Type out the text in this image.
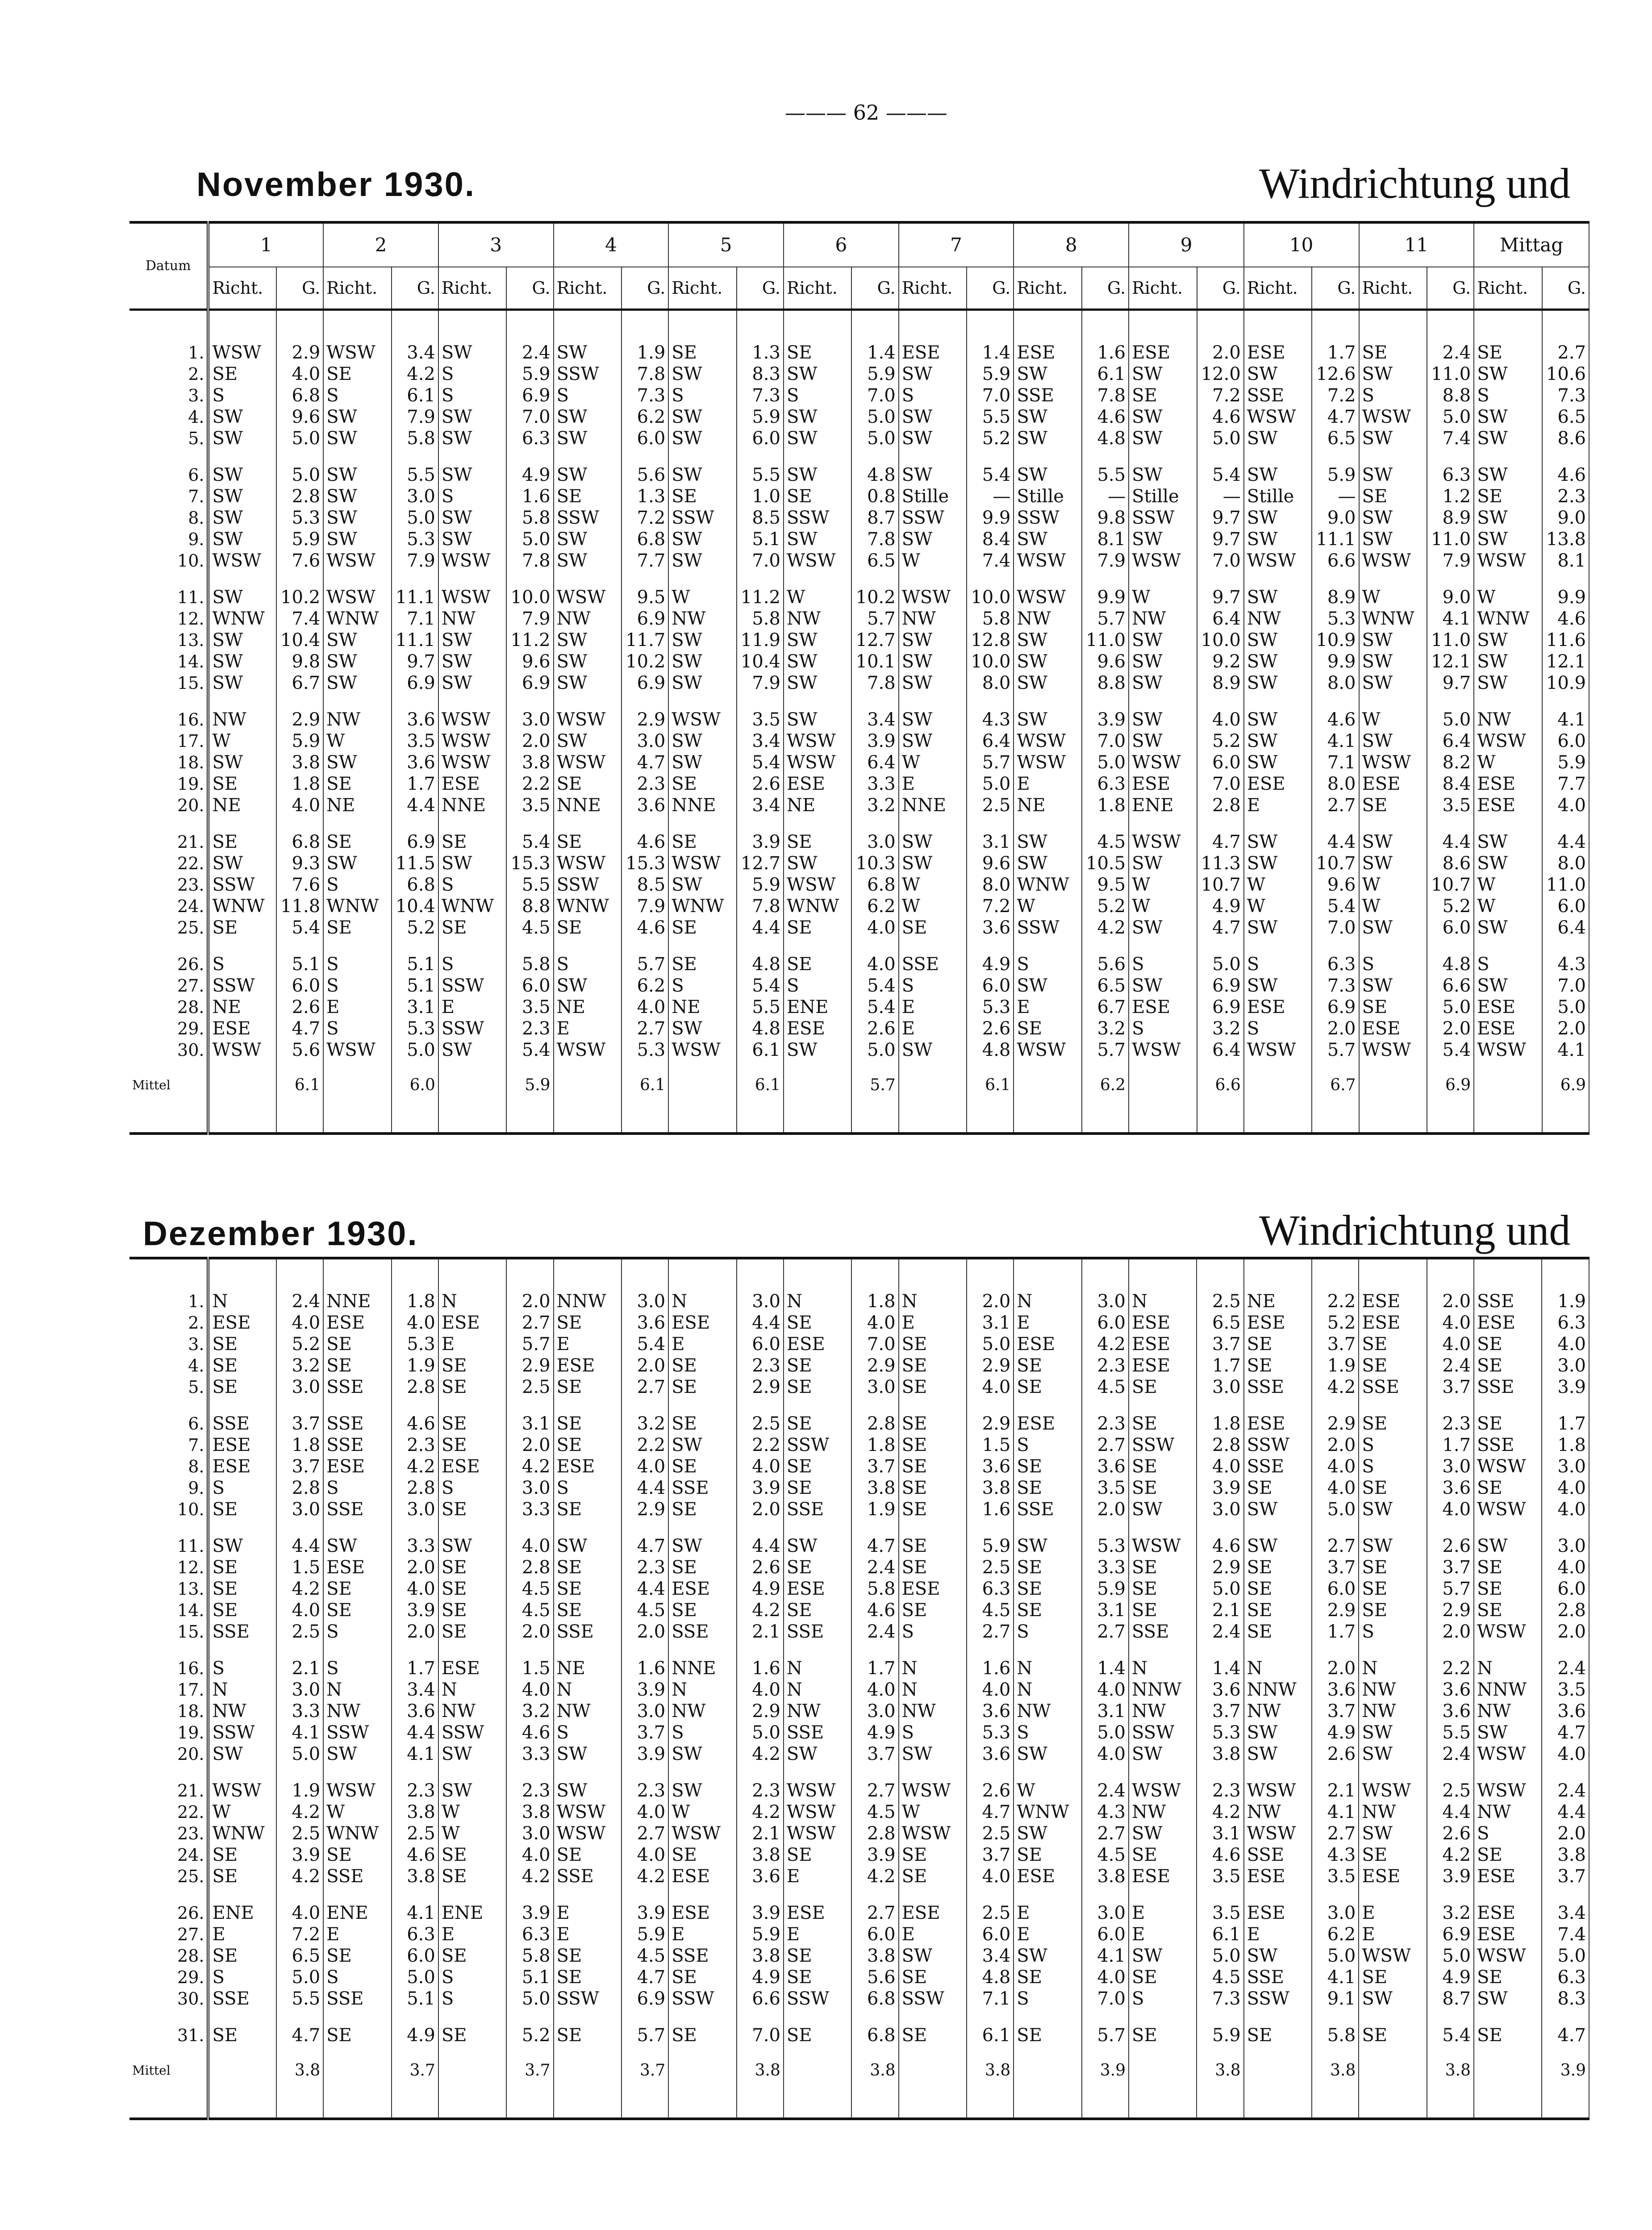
——— 62 ———
November 1930.	Windrichtung und
Datum	1		2		3		4		5		6		7		8		9		10		11		Mittag	
	Richt.	G.	Richt.	G.	Richt.	G.	Richt.	G.	Richt.	G.	Richt.	G.	Richt.	G.	Richt.	G.	Richt.	G.	Richt.	G.	Richt.	G.	Richt.	G.

1.	WSW	2.9	WSW	3.4	SW	2.4	SW	1.9	SE	1.3	SE	1.4	ESE	1.4	ESE	1.6	ESE	2.0	ESE	1.7	SE	2.4	SE	2.7
2.	SE	4.0	SE	4.2	S	5.9	SSW	7.8	SW	8.3	SW	5.9	SW	5.9	SW	6.1	SW	12.0	SW	12.6	SW	11.0	SW	10.6
3.	S	6.8	S	6.1	S	6.9	S	7.3	S	7.3	S	7.0	S	7.0	SSE	7.8	SE	7.2	SSE	7.2	S	8.8	S	7.3
4.	SW	9.6	SW	7.9	SW	7.0	SW	6.2	SW	5.9	SW	5.0	SW	5.5	SW	4.6	SW	4.6	WSW	4.7	WSW	5.0	SW	6.5
5.	SW	5.0	SW	5.8	SW	6.3	SW	6.0	SW	6.0	SW	5.0	SW	5.2	SW	4.8	SW	5.0	SW	6.5	SW	7.4	SW	8.6

6.	SW	5.0	SW	5.5	SW	4.9	SW	5.6	SW	5.5	SW	4.8	SW	5.4	SW	5.5	SW	5.4	SW	5.9	SW	6.3	SW	4.6
7.	SW	2.8	SW	3.0	S	1.6	SE	1.3	SE	1.0	SE	0.8	Stille	—	Stille	—	Stille	—	Stille	—	SE	1.2	SE	2.3
8.	SW	5.3	SW	5.0	SW	5.8	SSW	7.2	SSW	8.5	SSW	8.7	SSW	9.9	SSW	9.8	SSW	9.7	SW	9.0	SW	8.9	SW	9.0
9.	SW	5.9	SW	5.3	SW	5.0	SW	6.8	SW	5.1	SW	7.8	SW	8.4	SW	8.1	SW	9.7	SW	11.1	SW	11.0	SW	13.8
10.	WSW	7.6	WSW	7.9	WSW	7.8	SW	7.7	SW	7.0	WSW	6.5	W	7.4	WSW	7.9	WSW	7.0	WSW	6.6	WSW	7.9	WSW	8.1

11.	SW	10.2	WSW	11.1	WSW	10.0	WSW	9.5	W	11.2	W	10.2	WSW	10.0	WSW	9.9	W	9.7	SW	8.9	W	9.0	W	9.9
12.	WNW	7.4	WNW	7.1	NW	7.9	NW	6.9	NW	5.8	NW	5.7	NW	5.8	NW	5.7	NW	6.4	NW	5.3	WNW	4.1	WNW	4.6
13.	SW	10.4	SW	11.1	SW	11.2	SW	11.7	SW	11.9	SW	12.7	SW	12.8	SW	11.0	SW	10.0	SW	10.9	SW	11.0	SW	11.6
14.	SW	9.8	SW	9.7	SW	9.6	SW	10.2	SW	10.4	SW	10.1	SW	10.0	SW	9.6	SW	9.2	SW	9.9	SW	12.1	SW	12.1
15.	SW	6.7	SW	6.9	SW	6.9	SW	6.9	SW	7.9	SW	7.8	SW	8.0	SW	8.8	SW	8.9	SW	8.0	SW	9.7	SW	10.9

16.	NW	2.9	NW	3.6	WSW	3.0	WSW	2.9	WSW	3.5	SW	3.4	SW	4.3	SW	3.9	SW	4.0	SW	4.6	W	5.0	NW	4.1
17.	W	5.9	W	3.5	WSW	2.0	SW	3.0	SW	3.4	WSW	3.9	SW	6.4	WSW	7.0	SW	5.2	SW	4.1	SW	6.4	WSW	6.0
18.	SW	3.8	SW	3.6	WSW	3.8	WSW	4.7	SW	5.4	WSW	6.4	W	5.7	WSW	5.0	WSW	6.0	SW	7.1	WSW	8.2	W	5.9
19.	SE	1.8	SE	1.7	ESE	2.2	SE	2.3	SE	2.6	ESE	3.3	E	5.0	E	6.3	ESE	7.0	ESE	8.0	ESE	8.4	ESE	7.7
20.	NE	4.0	NE	4.4	NNE	3.5	NNE	3.6	NNE	3.4	NE	3.2	NNE	2.5	NE	1.8	ENE	2.8	E	2.7	SE	3.5	ESE	4.0

21.	SE	6.8	SE	6.9	SE	5.4	SE	4.6	SE	3.9	SE	3.0	SW	3.1	SW	4.5	WSW	4.7	SW	4.4	SW	4.4	SW	4.4
22.	SW	9.3	SW	11.5	SW	15.3	WSW	15.3	WSW	12.7	SW	10.3	SW	9.6	SW	10.5	SW	11.3	SW	10.7	SW	8.6	SW	8.0
23.	SSW	7.6	S	6.8	S	5.5	SSW	8.5	SW	5.9	WSW	6.8	W	8.0	WNW	9.5	W	10.7	W	9.6	W	10.7	W	11.0
24.	WNW	11.8	WNW	10.4	WNW	8.8	WNW	7.9	WNW	7.8	WNW	6.2	W	7.2	W	5.2	W	4.9	W	5.4	W	5.2	W	6.0
25.	SE	5.4	SE	5.2	SE	4.5	SE	4.6	SE	4.4	SE	4.0	SE	3.6	SSW	4.2	SW	4.7	SW	7.0	SW	6.0	SW	6.4

26.	S	5.1	S	5.1	S	5.8	S	5.7	SE	4.8	SE	4.0	SSE	4.9	S	5.6	S	5.0	S	6.3	S	4.8	S	4.3
27.	SSW	6.0	S	5.1	SSW	6.0	SW	6.2	S	5.4	S	5.4	S	6.0	SW	6.5	SW	6.9	SW	7.3	SW	6.6	SW	7.0
28.	NE	2.6	E	3.1	E	3.5	NE	4.0	NE	5.5	ENE	5.4	E	5.3	E	6.7	ESE	6.9	ESE	6.9	SE	5.0	ESE	5.0
29.	ESE	4.7	S	5.3	SSW	2.3	E	2.7	SW	4.8	ESE	2.6	E	2.6	SE	3.2	S	3.2	S	2.0	ESE	2.0	ESE	2.0
30.	WSW	5.6	WSW	5.0	SW	5.4	WSW	5.3	WSW	6.1	SW	5.0	SW	4.8	WSW	5.7	WSW	6.4	WSW	5.7	WSW	5.4	WSW	4.1
Mittel		6.1		6.0		5.9		6.1		6.1		5.7		6.1		6.2		6.6		6.7		6.9		6.9

Dezember 1930.	Windrichtung und

1.	N	2.4	NNE	1.8	N	2.0	NNW	3.0	N	3.0	N	1.8	N	2.0	N	3.0	N	2.5	NE	2.2	ESE	2.0	SSE	1.9
2.	ESE	4.0	ESE	4.0	ESE	2.7	SE	3.6	ESE	4.4	SE	4.0	E	3.1	E	6.0	ESE	6.5	ESE	5.2	ESE	4.0	ESE	6.3
3.	SE	5.2	SE	5.3	E	5.7	E	5.4	E	6.0	ESE	7.0	SE	5.0	ESE	4.2	ESE	3.7	SE	3.7	SE	4.0	SE	4.0
4.	SE	3.2	SE	1.9	SE	2.9	ESE	2.0	SE	2.3	SE	2.9	SE	2.9	SE	2.3	ESE	1.7	SE	1.9	SE	2.4	SE	3.0
5.	SE	3.0	SSE	2.8	SE	2.5	SE	2.7	SE	2.9	SE	3.0	SE	4.0	SE	4.5	SE	3.0	SSE	4.2	SSE	3.7	SSE	3.9

6.	SSE	3.7	SSE	4.6	SE	3.1	SE	3.2	SE	2.5	SE	2.8	SE	2.9	ESE	2.3	SE	1.8	ESE	2.9	SE	2.3	SE	1.7
7.	ESE	1.8	SSE	2.3	SE	2.0	SE	2.2	SW	2.2	SSW	1.8	SE	1.5	S	2.7	SSW	2.8	SSW	2.0	S	1.7	SSE	1.8
8.	ESE	3.7	ESE	4.2	ESE	4.2	ESE	4.0	SE	4.0	SE	3.7	SE	3.6	SE	3.6	SE	4.0	SSE	4.0	S	3.0	WSW	3.0
9.	S	2.8	S	2.8	S	3.0	S	4.4	SSE	3.9	SE	3.8	SE	3.8	SE	3.5	SE	3.9	SE	4.0	SE	3.6	SE	4.0
10.	SE	3.0	SSE	3.0	SE	3.3	SE	2.9	SE	2.0	SSE	1.9	SE	1.6	SSE	2.0	SW	3.0	SW	5.0	SW	4.0	WSW	4.0

11.	SW	4.4	SW	3.3	SW	4.0	SW	4.7	SW	4.4	SW	4.7	SE	5.9	SW	5.3	WSW	4.6	SW	2.7	SW	2.6	SW	3.0
12.	SE	1.5	ESE	2.0	SE	2.8	SE	2.3	SE	2.6	SE	2.4	SE	2.5	SE	3.3	SE	2.9	SE	3.7	SE	3.7	SE	4.0
13.	SE	4.2	SE	4.0	SE	4.5	SE	4.4	ESE	4.9	ESE	5.8	ESE	6.3	SE	5.9	SE	5.0	SE	6.0	SE	5.7	SE	6.0
14.	SE	4.0	SE	3.9	SE	4.5	SE	4.5	SE	4.2	SE	4.6	SE	4.5	SE	3.1	SE	2.1	SE	2.9	SE	2.9	SE	2.8
15.	SSE	2.5	S	2.0	SE	2.0	SSE	2.0	SSE	2.1	SSE	2.4	S	2.7	S	2.7	SSE	2.4	SE	1.7	S	2.0	WSW	2.0

16.	S	2.1	S	1.7	ESE	1.5	NE	1.6	NNE	1.6	N	1.7	N	1.6	N	1.4	N	1.4	N	2.0	N	2.2	N	2.4
17.	N	3.0	N	3.4	N	4.0	N	3.9	N	4.0	N	4.0	N	4.0	N	4.0	NNW	3.6	NNW	3.6	NW	3.6	NNW	3.5
18.	NW	3.3	NW	3.6	NW	3.2	NW	3.0	NW	2.9	NW	3.0	NW	3.6	NW	3.1	NW	3.7	NW	3.7	NW	3.6	NW	3.6
19.	SSW	4.1	SSW	4.4	SSW	4.6	S	3.7	S	5.0	SSE	4.9	S	5.3	S	5.0	SSW	5.3	SW	4.9	SW	5.5	SW	4.7
20.	SW	5.0	SW	4.1	SW	3.3	SW	3.9	SW	4.2	SW	3.7	SW	3.6	SW	4.0	SW	3.8	SW	2.6	SW	2.4	WSW	4.0

21.	WSW	1.9	WSW	2.3	SW	2.3	SW	2.3	SW	2.3	WSW	2.7	WSW	2.6	W	2.4	WSW	2.3	WSW	2.1	WSW	2.5	WSW	2.4
22.	W	4.2	W	3.8	W	3.8	WSW	4.0	W	4.2	WSW	4.5	W	4.7	WNW	4.3	NW	4.2	NW	4.1	NW	4.4	NW	4.4
23.	WNW	2.5	WNW	2.5	W	3.0	WSW	2.7	WSW	2.1	WSW	2.8	WSW	2.5	SW	2.7	SW	3.1	WSW	2.7	SW	2.6	S	2.0
24.	SE	3.9	SE	4.6	SE	4.0	SE	4.0	SE	3.8	SE	3.9	SE	3.7	SE	4.5	SE	4.6	SSE	4.3	SE	4.2	SE	3.8
25.	SE	4.2	SSE	3.8	SE	4.2	SSE	4.2	ESE	3.6	E	4.2	SE	4.0	ESE	3.8	ESE	3.5	ESE	3.5	ESE	3.9	ESE	3.7

26.	ENE	4.0	ENE	4.1	ENE	3.9	E	3.9	ESE	3.9	ESE	2.7	ESE	2.5	E	3.0	E	3.5	ESE	3.0	E	3.2	ESE	3.4
27.	E	7.2	E	6.3	E	6.3	E	5.9	E	5.9	E	6.0	E	6.0	E	6.0	E	6.1	E	6.2	E	6.9	ESE	7.4
28.	SE	6.5	SE	6.0	SE	5.8	SE	4.5	SSE	3.8	SE	3.8	SW	3.4	SW	4.1	SW	5.0	SW	5.0	WSW	5.0	WSW	5.0
29.	S	5.0	S	5.0	S	5.1	SE	4.7	SE	4.9	SE	5.6	SE	4.8	SE	4.0	SE	4.5	SSE	4.1	SE	4.9	SE	6.3
30.	SSE	5.5	SSE	5.1	S	5.0	SSW	6.9	SSW	6.6	SSW	6.8	SSW	7.1	S	7.0	S	7.3	SSW	9.1	SW	8.7	SW	8.3

31.	SE	4.7	SE	4.9	SE	5.2	SE	5.7	SE	7.0	SE	6.8	SE	6.1	SE	5.7	SE	5.9	SE	5.8	SE	5.4	SE	4.7
Mittel		3.8		3.7		3.7		3.7		3.8		3.8		3.8		3.9		3.8		3.8		3.8		3.9
